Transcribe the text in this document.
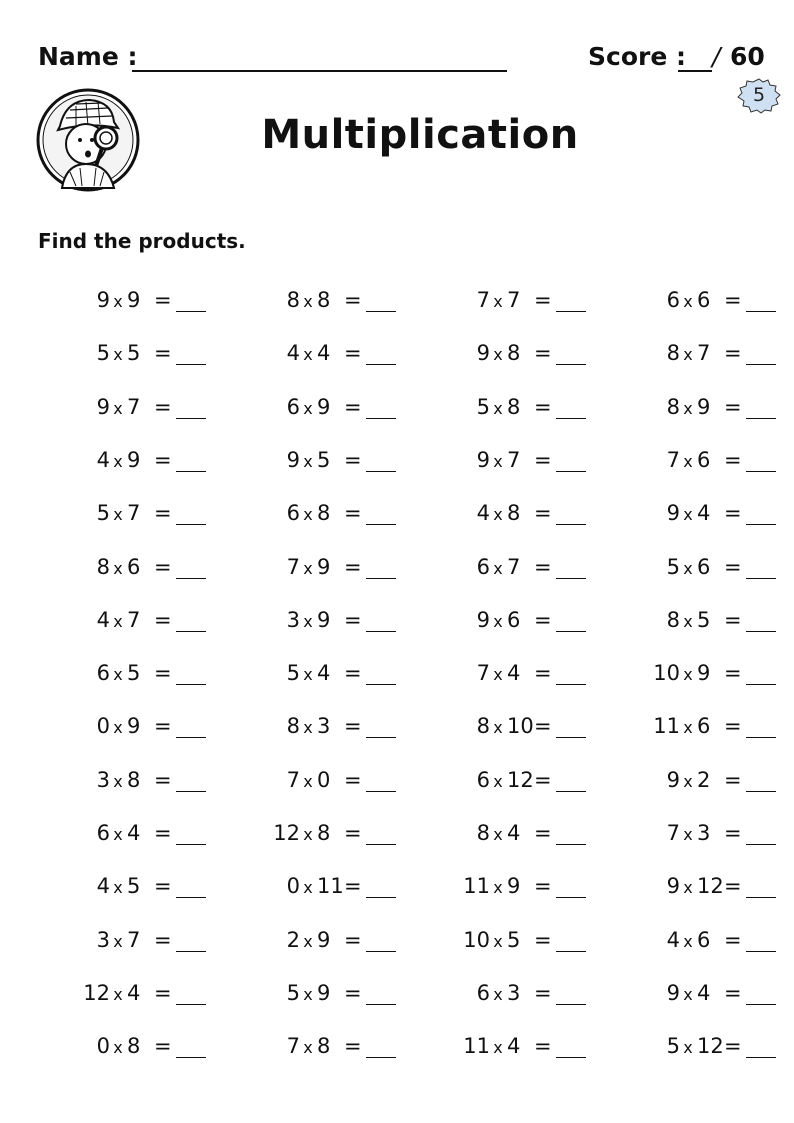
Name :	Score : / 60
5
Multiplication
Find the products.
9 x 9 =	8 x 8 =	7 x 7 =	6 x 6 =
5 x 5 =	4 x 4 =	9 x 8 =	8 x 7 =
9 x 7 =	6 x 9 =	5 x 8 =	8 x 9 =
4 x 9 =	9 x 5 =	9 x 7 =	7 x 6 =
5 x 7 =	6 x 8 =	4 x 8 =	9 x 4 =
8 x 6 =	7 x 9 =	6 x 7 =	5 x 6 =
4 x 7 =	3 x 9 =	9 x 6 =	8 x 5 =
6 x 5 =	5 x 4 =	7 x 4 =	10 x 9 =
0 x 9 =	8 x 3 =	8 x 10 =	11 x 6 =
3 x 8 =	7 x 0 =	6 x 12 =	9 x 2 =
6 x 4 =	12 x 8 =	8 x 4 =	7 x 3 =
4 x 5 =	0 x 11 =	11 x 9 =	9 x 12 =
3 x 7 =	2 x 9 =	10 x 5 =	4 x 6 =
12 x 4 =	5 x 9 =	6 x 3 =	9 x 4 =
0 x 8 =	7 x 8 =	11 x 4 =	5 x 12 =
